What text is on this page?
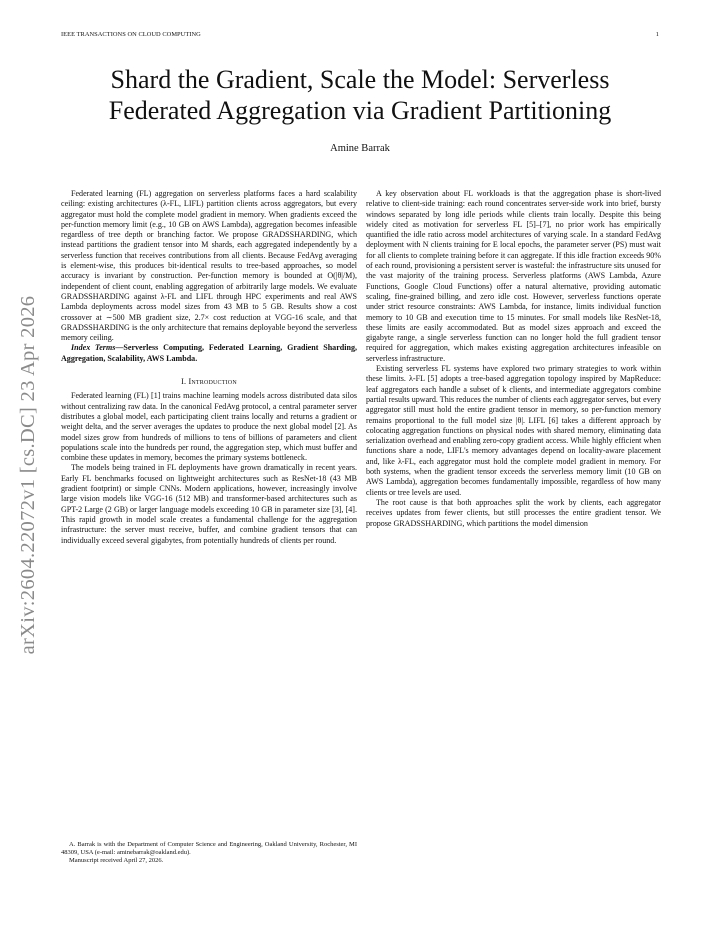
IEEE TRANSACTIONS ON CLOUD COMPUTING	1
Shard the Gradient, Scale the Model: Serverless
Federated Aggregation via Gradient Partitioning
Amine Barrak
arXiv:2604.22072v1 [cs.DC] 23 Apr 2026

Federated learning (FL) aggregation on serverless platforms faces a hard scalability ceiling: existing architectures (λ-FL, LIFL) partition clients across aggregators, but every aggregator must hold the complete model gradient in memory. When gradients exceed the per-function memory limit (e.g., 10 GB on AWS Lambda), aggregation becomes infeasible regardless of tree depth or branching factor. We propose GRADSSHARDING, which instead partitions the gradient tensor into M shards, each aggregated independently by a serverless function that receives contributions from all clients. Because FedAvg averaging is element-wise, this produces bit-identical results to tree-based approaches, so model accuracy is invariant by construction. Per-function memory is bounded at O(|θ|/M), independent of client count, enabling aggregation of arbitrarily large models. We evaluate GRADSSHARDING against λ-FL and LIFL through HPC experiments and real AWS Lambda deployments across model sizes from 43 MB to 5 GB. Results show a cost crossover at ∼500 MB gradient size, 2.7× cost reduction at VGG-16 scale, and that GRADSSHARDING is the only architecture that remains deployable beyond the serverless memory ceiling.

Index Terms—Serverless Computing, Federated Learning, Gradient Sharding, Aggregation, Scalability, AWS Lambda.

I. Introduction

Federated learning (FL) [1] trains machine learning models across distributed data silos without centralizing raw data. In the canonical FedAvg protocol, a central parameter server distributes a global model, each participating client trains locally and returns a gradient or weight delta, and the server averages the updates to produce the next global model [2]. As model sizes grow from hundreds of millions to tens of billions of parameters and client populations scale into the hundreds per round, the aggregation step, which must buffer and combine these updates in memory, becomes the primary systems bottleneck.

The models being trained in FL deployments have grown dramatically in recent years. Early FL benchmarks focused on lightweight architectures such as ResNet-18 (43 MB gradient footprint) or simple CNNs. Modern applications, however, increasingly involve large vision models like VGG-16 (512 MB) and transformer-based architectures such as GPT-2 Large (2 GB) or larger language models exceeding 10 GB in parameter size [3], [4]. This rapid growth in model scale creates a fundamental challenge for the aggregation infrastructure: the server must receive, buffer, and combine gradient tensors that can individually exceed several gigabytes, from potentially hundreds of clients per round.

A key observation about FL workloads is that the aggregation phase is short-lived relative to client-side training: each round concentrates server-side work into brief, bursty windows separated by long idle periods while clients train locally. Despite this being widely cited as motivation for serverless FL [5]–[7], no prior work has empirically quantified the idle ratio across model architectures of varying scale. In a standard FedAvg deployment with N clients training for E local epochs, the parameter server (PS) must wait for all clients to complete training before it can aggregate. If this idle fraction exceeds 90% of each round, provisioning a persistent server is wasteful: the infrastructure sits unused for the vast majority of the training process. Serverless platforms (AWS Lambda, Azure Functions, Google Cloud Functions) offer a natural alternative, providing automatic scaling, fine-grained billing, and zero idle cost. However, serverless functions operate under strict resource constraints: AWS Lambda, for instance, limits individual function memory to 10 GB and execution time to 15 minutes. For small models like ResNet-18, these limits are easily accommodated. But as model sizes approach and exceed the gigabyte range, a single serverless function can no longer hold the full gradient tensor required for aggregation, which makes existing aggregation architectures infeasible on serverless infrastructure.

Existing serverless FL systems have explored two primary strategies to work within these limits. λ-FL [5] adopts a tree-based aggregation topology inspired by MapReduce: leaf aggregators each handle a subset of k clients, and intermediate aggregators combine partial results upward. This reduces the number of clients each aggregator serves, but every aggregator still must hold the entire gradient tensor in memory, so per-function memory remains proportional to the full model size |θ|. LIFL [6] takes a different approach by colocating aggregation functions on physical nodes with shared memory, eliminating data serialization overhead and enabling zero-copy gradient access. While highly efficient when functions share a node, LIFL's memory advantages depend on locality-aware placement and, like λ-FL, each aggregator must hold the complete model gradient in memory. For both systems, when the gradient tensor exceeds the serverless memory limit (10 GB on AWS Lambda), aggregation becomes fundamentally impossible, regardless of how many clients or tree levels are used.

The root cause is that both approaches split the work by clients, each aggregator receives updates from fewer clients, but still processes the entire gradient tensor. We propose GRADSSHARDING, which partitions the model dimension

A. Barrak is with the Department of Computer Science and Engineering, Oakland University, Rochester, MI 48309, USA (e-mail: aminebarrak@oakland.edu).

Manuscript received April 27, 2026.
